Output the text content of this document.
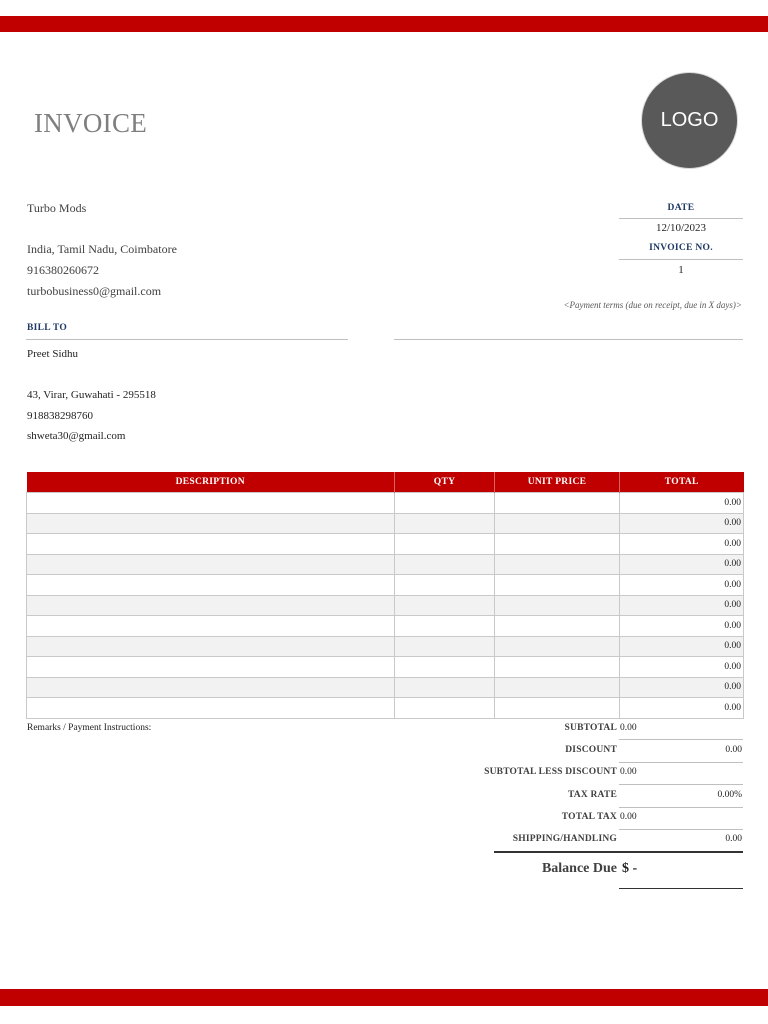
INVOICE	LOGO
Turbo Mods
India, Tamil Nadu, Coimbatore
916380260672
turbobusiness0@gmail.com
DATE
12/10/2023
INVOICE NO.
1
<Payment terms (due on receipt, due in X days)>
BILL TO
Preet Sidhu
43, Virar, Guwahati - 295518
918838298760
shweta30@gmail.com
DESCRIPTION	QTY	UNIT PRICE	TOTAL
			0.00
			0.00
			0.00
			0.00
			0.00
			0.00
			0.00
			0.00
			0.00
			0.00
			0.00
Remarks / Payment Instructions:	SUBTOTAL 0.00
DISCOUNT	0.00
SUBTOTAL LESS DISCOUNT 0.00
TAX RATE	0.00%
TOTAL TAX 0.00
SHIPPING/HANDLING	0.00
Balance Due $ -
